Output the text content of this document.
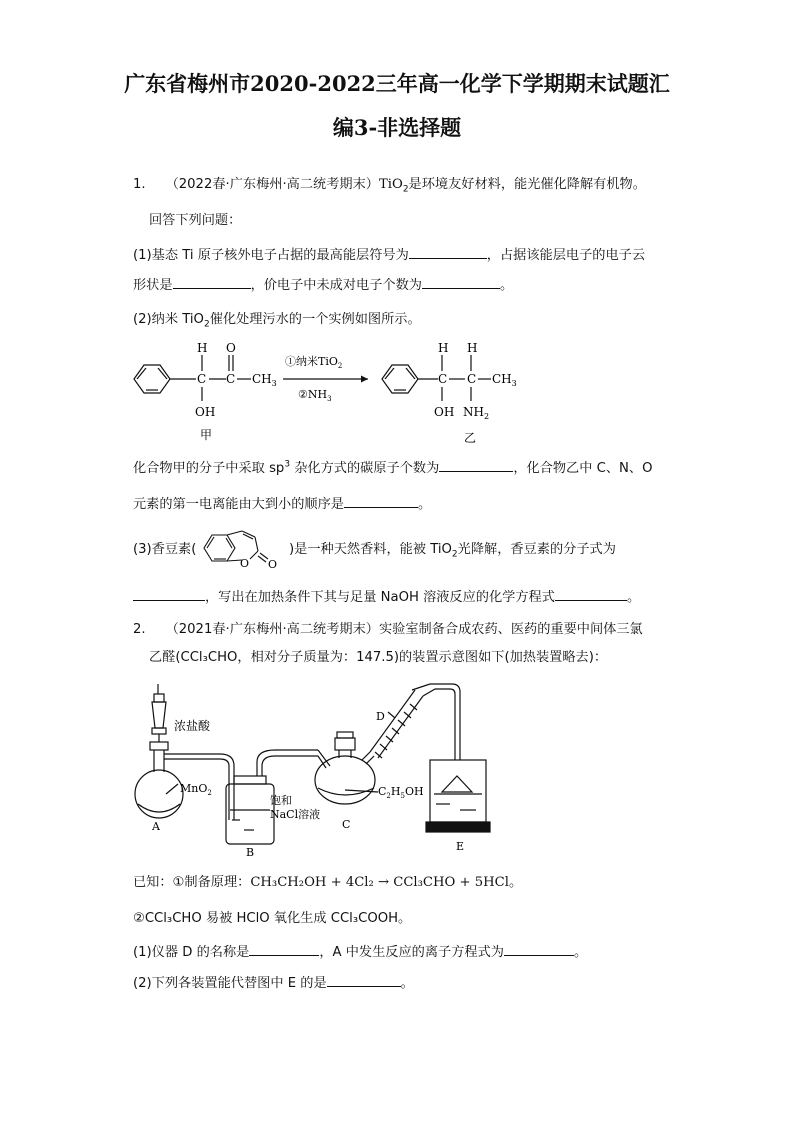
广东省梅州市2020-2022三年高一化学下学期期末试题汇
编3-非选择题
1. （2022春·广东梅州·高二统考期末）TiO$_2$是环境友好材料，能光催化降解有机物。
回答下列问题：
(1)基态 Ti 原子核外电子占据的最高能层符号为	，占据该能层电子的电子云
形状是	，价电子中未成对电子个数为	。
(2)纳米 TiO$_2$催化处理污水的一个实例如图所示。
H
C
OH
O
C $CH_3$
甲
①纳米TiO$_2$
$②NH_3$
H
C
OH
H
C
$NH_2$
$CH_3$
乙
化合物甲的分子中采取 $sp^3$ 杂化方式的碳原子个数为	，化合物乙中 C、N、O
元素的第一电离能由大到小的顺序是	。
(3)香豆素(
O O
)是一种天然香料，能被 TiO$_2$光降解，香豆素的分子式为
，写出在加热条件下其与足量 NaOH 溶液反应的化学方程式	。
2. （2021春·广东梅州·高二统考期末）实验室制备合成农药、医药的重要中间体三氯
乙醛(CCl₃CHO，相对分子质量为：147.5)的装置示意图如下(加热装置略去)：
浓盐酸
MnO$_2$
A
B
饱和
NaCl溶液
C
$C_2H_5OH$
D
E
已知：①制备原理：CH₃CH₂OH + 4Cl₂ → CCl₃CHO + 5HCl。
②CCl₃CHO 易被 HClO 氧化生成 CCl₃COOH。
(1)仪器 D 的名称是	，A 中发生反应的离子方程式为	。
(2)下列各装置能代替图中 E 的是	。
